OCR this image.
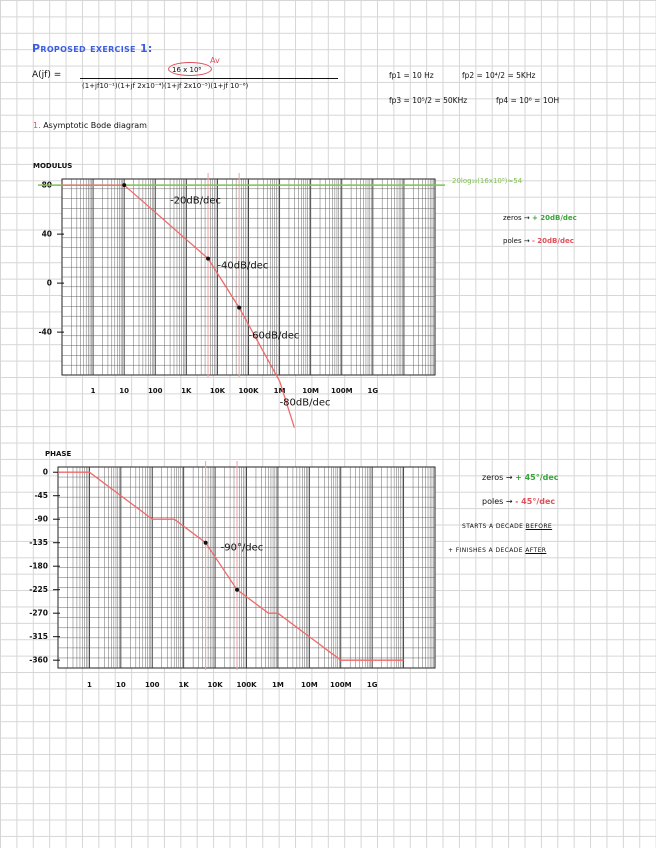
Proposed exercise 1:
A(jf) =	16 x 10⁸
Av
(1+jf10⁻¹)(1+jf 2x10⁻⁴)(1+jf 2x10⁻⁵)(1+jf 10⁻⁶)
fp1 = 10 Hz	fp2 = 10⁴/2 = 5KHz
fp3 = 10⁵/2 = 50KHz	fp4 = 10⁶ = 1OH
1. Asymptotic Bode diagram
MODULUS
PHASE
zeros → + 20dB/dec
poles → - 20dB/dec
zeros → + 45°/dec
poles → - 45°/dec
STARTS A DECADE BEFORE
+ FINISHES A DECADE AFTER
80
40
0
-40
1	10	100	1K	10K 100K 1M 10M 100M 1G
20log₁₀(16x10⁸)≈54
-20dB/dec
-40dB/dec
-60dB/dec
-80dB/dec
0
-45
-90
-135
-180
-225
-270
-315
-360
1	10	100	1K	10K 100K 1M 10M 100M 1G
-90°/dec
